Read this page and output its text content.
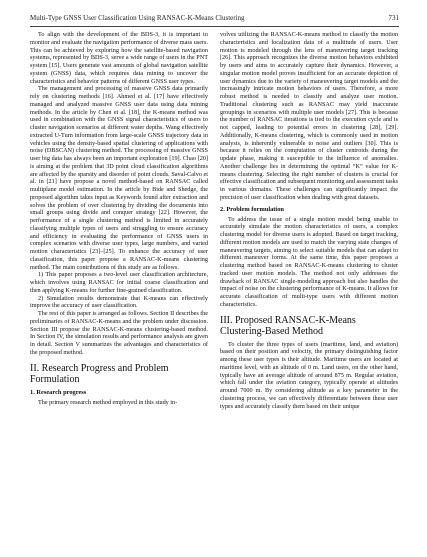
Multi-Type GNSS User Classification Using RANSAC-K-Means Clustering	731

To align with the development of the BDS-3, it is important to monitor and evaluate the navigation performance of diverse mass users. This can be achieved by exploring how the satellite-based navigation systems, represented by BDS-3, serve a wide range of users in the PNT system [15]. Users generate vast amounts of global navigation satellite system (GNSS) data, which requires data mining to uncover the characteristics and behavior patterns of different GNSS user types.

The management and processing of massive GNSS data primarily rely on clustering methods [16]. Ahmed et al. [17] have effectively managed and analyzed massive GNSS user data using data mining methods. In the article by Chen et al. [18], the K-means method was used in combination with the GNSS signal characteristics of users to cluster navigation scenarios at different water depths. Wang effectively extracted U-Turn information from large-scale GNSS trajectory data in vehicles using the density-based spatial clustering of applications with noise (DBSCAN) clustering method. The processing of massive GNSS user big data has always been an important exploration [19]. Chao [20] is aiming at the problem that 3D point cloud classification algorithms are affected by the sparsity and disorder of point clouds. Saval-Calvo et al. in [21] have propose a novel method-based on RANSAC called multiplane model estimation. In the article by Bide and Shedge, the proposed algorithm takes input as Keywords found after extraction and solves the problem of over clustering by dividing the documents into small groups using divide and conquer strategy [22]. However, the performance of a single clustering method is limited in accurately classifying multiple types of users and struggling to ensure accuracy and efficiency in evaluating the performance of GNSS users in complex scenarios with diverse user types, large numbers, and varied motion characteristics [23]–[25]. To enhance the accuracy of user classification, this paper propose a RANSAC-K-means clustering method. The main contributions of this study are as follows.

1) This paper proposes a two-level user classification architecture, which involves using RANSAC for initial coarse classification and then applying K-means for further fine-grained classification.

2) Simulation results demonstrate that K-means can effectively improve the accuracy of user classification.

The rest of this paper is arranged as follows. Section II describes the preliminaries of RANSAC-K-means and the problem under discussion. Section III propose the RANSAC-K-means clustering-based method. In Section IV, the simulation results and performance analysis are given in detail. Section V summarizes the advantages and characteristics of the proposed method.

II. Research Progress and Problem Formulation
1. Research progress

The primary research method employed in this study in-

volves utilizing the RANSAC-K-means method to classify the motion characteristics and localization data of a multitude of users. User motion is modeled through the lens of maneuvering target tracking [26]. This approach recognizes the diverse motion behaviors exhibited by users and aims to accurately capture their dynamics. However, a singular motion model proves insufficient for an accurate depiction of user dynamics due to the variety of maneuvering target models and the increasingly intricate motion behaviors of users. Therefore, a more robust method is needed to classify and analyze user motion. Traditional clustering such as RANSAC may yield inaccurate groupings in scenarios with multiple user models [27]. This is because the number of RANSAC iterations is tied to the execution cycle and is not capped, leading to potential errors in clustering [28], [29]. Additionally, K-means clustering, which is commonly used in motion analysis, is inherently vulnerable to noise and outliers [30]. This is because it relies on the computation of cluster centroids during the update phase, making it susceptible to the influence of anomalies. Another challenge lies in determining the optimal “K” value for K-means clustering. Selecting the right number of clusters is crucial for effective classification and subsequent monitoring and assessment tasks in various domains. These challenges can significantly impact the precision of user classification when dealing with great datasets.

2. Problem formulation

To address the issue of a single motion model being unable to accurately simulate the motion characteristics of users, a complex clustering model for diverse users is adopted. Based on target tracking, different motion models are used to match the varying state changes of maneuvering targets, aiming to select suitable models that can adapt to different maneuver forms. At the same time, this paper proposes a clustering method based on RANSAC-K-means clustering to cluster tracked user motion models. The method not only addresses the drawback of RANSAC single-modeling approach but also handles the impact of noise on the clustering performance of K-means. It allows for accurate classification of multi-type users with different motion characteristics.

III. Proposed RANSAC-K-Means Clustering-Based Method

To cluster the three types of users (maritime, land, and aviation) based on their position and velocity, the primary distinguishing factor among these user types is their altitude. Maritime users are located at maritime level, with an altitude of 0 m. Land users, on the other hand, typically have an average altitude of around 875 m. Regular aviation, which fall under the aviation category, typically operate at altitudes around 7000 m. By considering altitude as a key parameter in the clustering process, we can effectively differentiate between these user types and accurately classify them based on their unique
